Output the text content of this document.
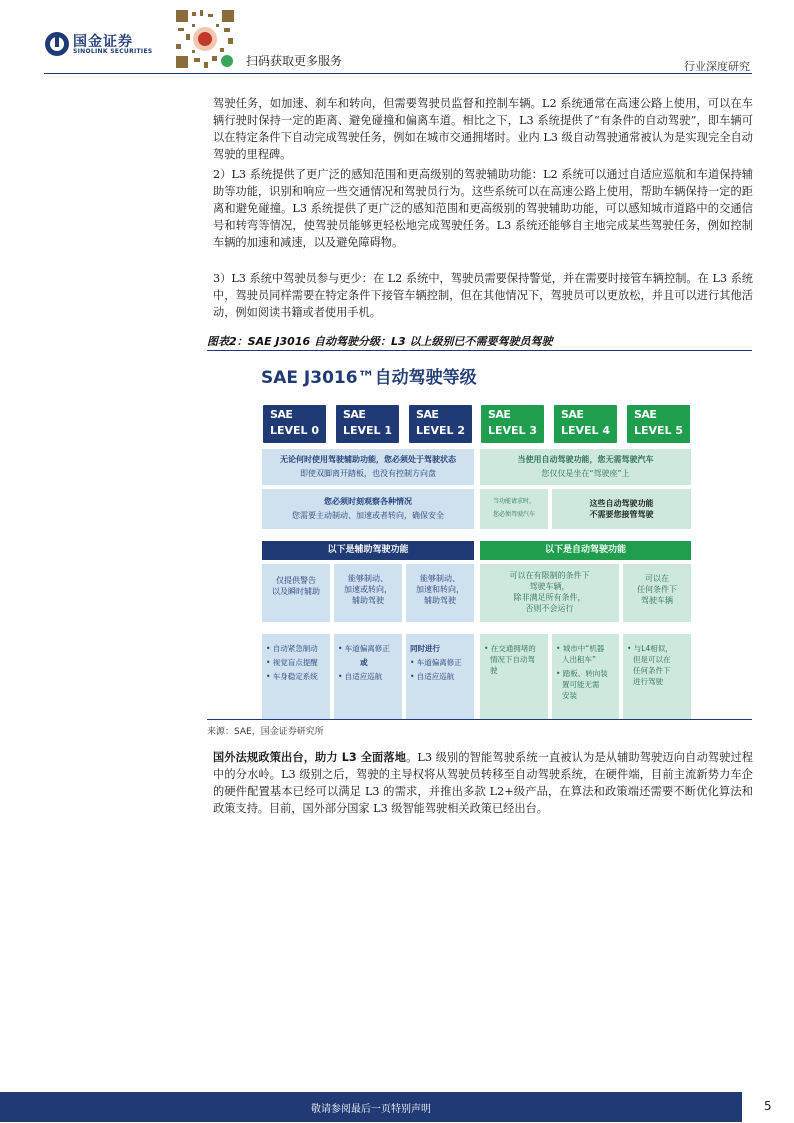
国金证券
SINOLINK SECURITIES
扫码获取更多服务	行业深度研究

驾驶任务，如加速、刹车和转向，但需要驾驶员监督和控制车辆。L2 系统通常在高速公路上使用，可以在车辆行驶时保持一定的距离、避免碰撞和偏离车道。相比之下，L3 系统提供了“有条件的自动驾驶”，即车辆可以在特定条件下自动完成驾驶任务，例如在城市交通拥堵时。业内 L3 级自动驾驶通常被认为是实现完全自动驾驶的里程碑。

2）L3 系统提供了更广泛的感知范围和更高级别的驾驶辅助功能：L2 系统可以通过自适应巡航和车道保持辅助等功能，识别和响应一些交通情况和驾驶员行为。这些系统可以在高速公路上使用，帮助车辆保持一定的距离和避免碰撞。L3 系统提供了更广泛的感知范围和更高级别的驾驶辅助功能，可以感知城市道路中的交通信号和转弯等情况，使驾驶员能够更轻松地完成驾驶任务。L3 系统还能够自主地完成某些驾驶任务，例如控制车辆的加速和减速，以及避免障碍物。

3）L3 系统中驾驶员参与更少：在 L2 系统中，驾驶员需要保持警觉，并在需要时接管车辆控制。在 L3 系统中，驾驶员同样需要在特定条件下接管车辆控制，但在其他情况下，驾驶员可以更放松，并且可以进行其他活动，例如阅读书籍或者使用手机。

图表2：SAE J3016 自动驾驶分级：L3 以上级别已不需要驾驶员驾驶
SAE J3016™自动驾驶等级
SAE
LEVEL 0
SAE
LEVEL 1
SAE
LEVEL 2
SAE
LEVEL 3
SAE
LEVEL 4
SAE
LEVEL 5
无论何时使用驾驶辅助功能，您必须处于驾驶状态
即使双脚离开踏板，也没有控制方向盘
当使用自动驾驶功能，您无需驾驶汽车
您仅仅是坐在“驾驶座”上
您必须时刻观察各种情况
您需要主动制动、加速或者转向，确保安全
当功能请求时，
您必须驾驶汽车
这些自动驾驶功能
不需要您接管驾驶
以下是辅助驾驶功能	以下是自动驾驶功能
仅提供警告
以及瞬时辅助
能够制动、
加速或转向，
辅助驾驶
能够制动、
加速和转向，
辅助驾驶
可以在有限制的条件下
驾驶车辆，
除非满足所有条件，
否则不会运行
可以在
任何条件下
驾驶车辆
• 自动紧急制动
• 视觉盲点提醒
• 车身稳定系统
• 车道偏离修正
或
• 自适应巡航
同时进行
• 车道偏离修正
• 自适应巡航
• 在交通拥堵的
情况下自动驾
驶
• 城市中“机器
人出租车”
• 踏板、转向装
置可能无需
安装
• 与L4相似，
但是可以在
任何条件下
进行驾驶
来源：SAE，国金证券研究所

国外法规政策出台，助力 L3 全面落地。L3 级别的智能驾驶系统一直被认为是从辅助驾驶迈向自动驾驶过程中的分水岭。L3 级别之后，驾驶的主导权将从驾驶员转移至自动驾驶系统，在硬件端，目前主流新势力车企的硬件配置基本已经可以满足 L3 的需求，并推出多款 L2+级产品，在算法和政策端还需要不断优化算法和政策支持。目前，国外部分国家 L3 级智能驾驶相关政策已经出台。

敬请参阅最后一页特别声明	5
